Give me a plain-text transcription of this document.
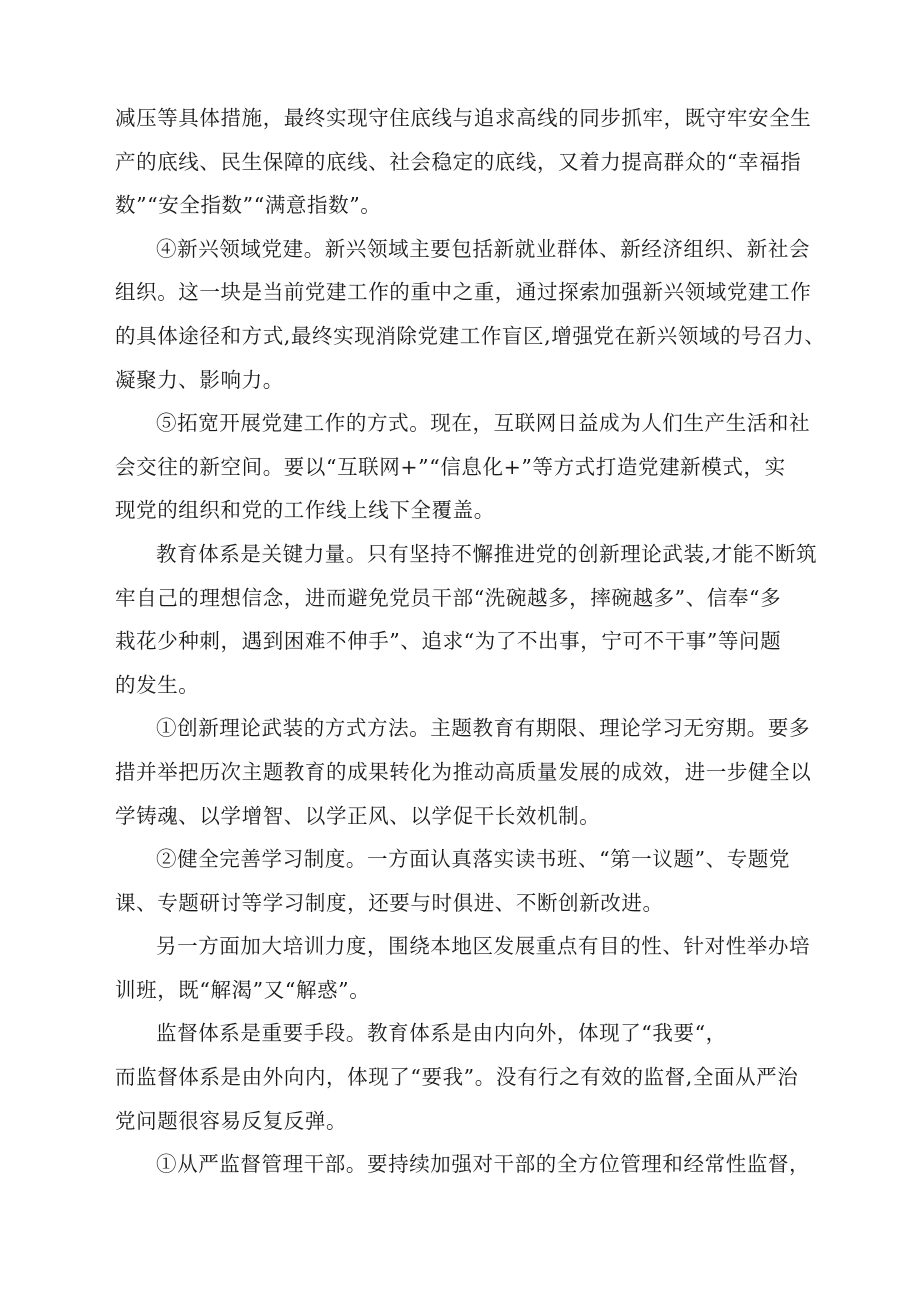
减压等具体措施，最终实现守住底线与追求高线的同步抓牢，既守牢安全生
产的底线、民生保障的底线、社会稳定的底线，又着力提高群众的“幸福指
数”“安全指数”“满意指数”。

④新兴领域党建。新兴领域主要包括新就业群体、新经济组织、新社会
组织。这一块是当前党建工作的重中之重，通过探索加强新兴领域党建工作
的具体途径和方式,最终实现消除党建工作盲区,增强党在新兴领域的号召力、
凝聚力、影响力。

⑤拓宽开展党建工作的方式。现在，互联网日益成为人们生产生活和社
会交往的新空间。要以“互联网+”“信息化+”等方式打造党建新模式，实
现党的组织和党的工作线上线下全覆盖。

教育体系是关键力量。只有坚持不懈推进党的创新理论武装,才能不断筑
牢自己的理想信念，进而避免党员干部“洗碗越多，摔碗越多”、信奉“多
栽花少种刺，遇到困难不伸手”、追求“为了不出事，宁可不干事”等问题
的发生。

①创新理论武装的方式方法。主题教育有期限、理论学习无穷期。要多
措并举把历次主题教育的成果转化为推动高质量发展的成效，进一步健全以
学铸魂、以学增智、以学正风、以学促干长效机制。

②健全完善学习制度。一方面认真落实读书班、“第一议题”、专题党
课、专题研讨等学习制度，还要与时俱进、不断创新改进。

另一方面加大培训力度，围绕本地区发展重点有目的性、针对性举办培
训班，既“解渴”又“解惑”。

监督体系是重要手段。教育体系是由内向外，体现了“我要“，
而监督体系是由外向内，体现了“要我”。没有行之有效的监督,全面从严治
党问题很容易反复反弹。

①从严监督管理干部。要持续加强对干部的全方位管理和经常性监督，
